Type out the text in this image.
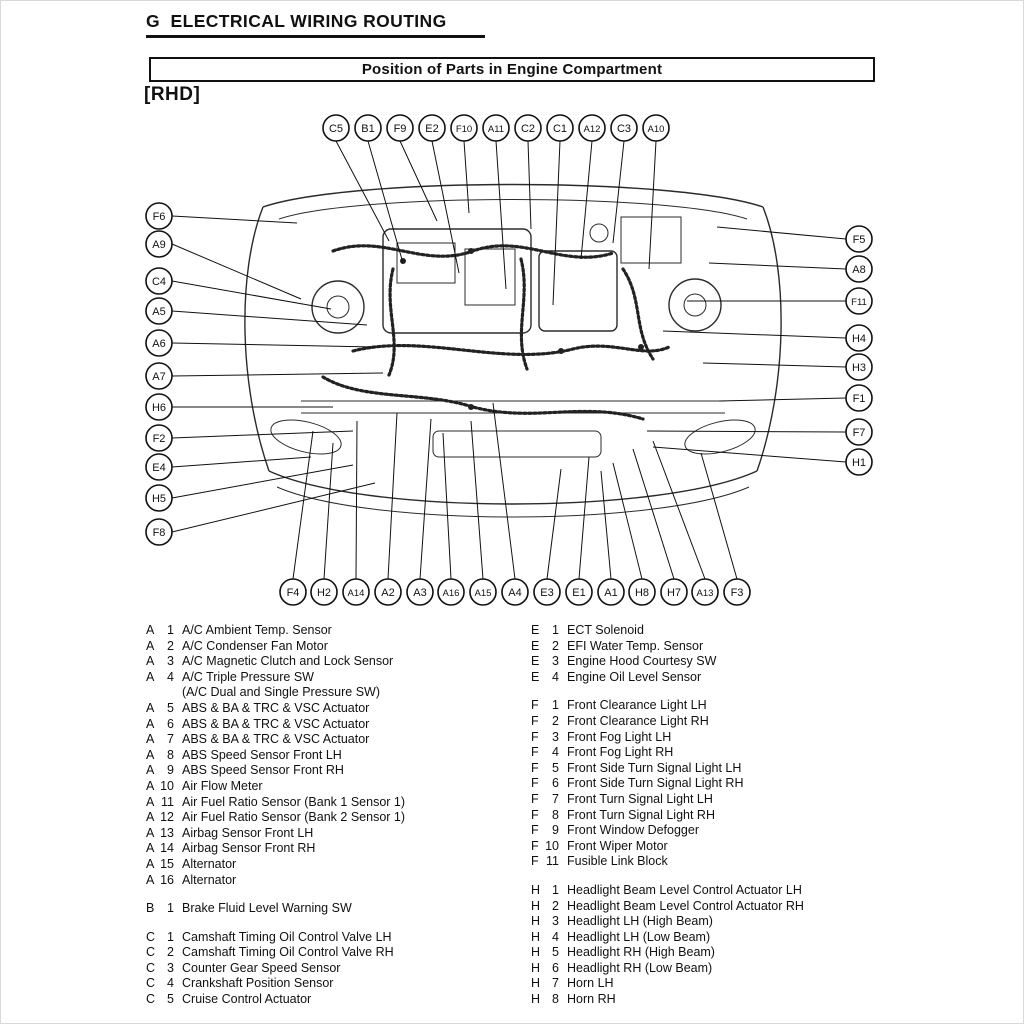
G  ELECTRICAL WIRING ROUTING
Position of Parts in Engine Compartment
[RHD]
C5 B1 F9 E2 F10 A11 C2 C1 A12 C3 A10
F6
A9
C4
A5
A6
A7
H6
F2
E4
H5
F8
F5
A8
F11
H4
H3
F1
F7
H1
F4 H2 A14 A2 A3 A16 A15 A4 E3 E1 A1 H8 H7 A13 F3
A 1 A/C Ambient Temp. Sensor
A 2 A/C Condenser Fan Motor
A 3 A/C Magnetic Clutch and Lock Sensor
A 4 A/C Triple Pressure SW
(A/C Dual and Single Pressure SW)
A 5 ABS & BA & TRC & VSC Actuator
A 6 ABS & BA & TRC & VSC Actuator
A 7 ABS & BA & TRC & VSC Actuator
A 8 ABS Speed Sensor Front LH
A 9 ABS Speed Sensor Front RH
A 10 Air Flow Meter
A 11 Air Fuel Ratio Sensor (Bank 1 Sensor 1)
A 12 Air Fuel Ratio Sensor (Bank 2 Sensor 1)
A 13 Airbag Sensor Front LH
A 14 Airbag Sensor Front RH
A 15 Alternator
A 16 Alternator
B 1 Brake Fluid Level Warning SW
C 1 Camshaft Timing Oil Control Valve LH
C 2 Camshaft Timing Oil Control Valve RH
C 3 Counter Gear Speed Sensor
C 4 Crankshaft Position Sensor
C 5 Cruise Control Actuator
E 1 ECT Solenoid
E 2 EFI Water Temp. Sensor
E 3 Engine Hood Courtesy SW
E 4 Engine Oil Level Sensor
F 1 Front Clearance Light LH
F 2 Front Clearance Light RH
F 3 Front Fog Light LH
F 4 Front Fog Light RH
F 5 Front Side Turn Signal Light LH
F 6 Front Side Turn Signal Light RH
F 7 Front Turn Signal Light LH
F 8 Front Turn Signal Light RH
F 9 Front Window Defogger
F 10 Front Wiper Motor
F 11 Fusible Link Block
H 1 Headlight Beam Level Control Actuator LH
H 2 Headlight Beam Level Control Actuator RH
H 3 Headlight LH (High Beam)
H 4 Headlight LH (Low Beam)
H 5 Headlight RH (High Beam)
H 6 Headlight RH (Low Beam)
H 7 Horn LH
H 8 Horn RH
